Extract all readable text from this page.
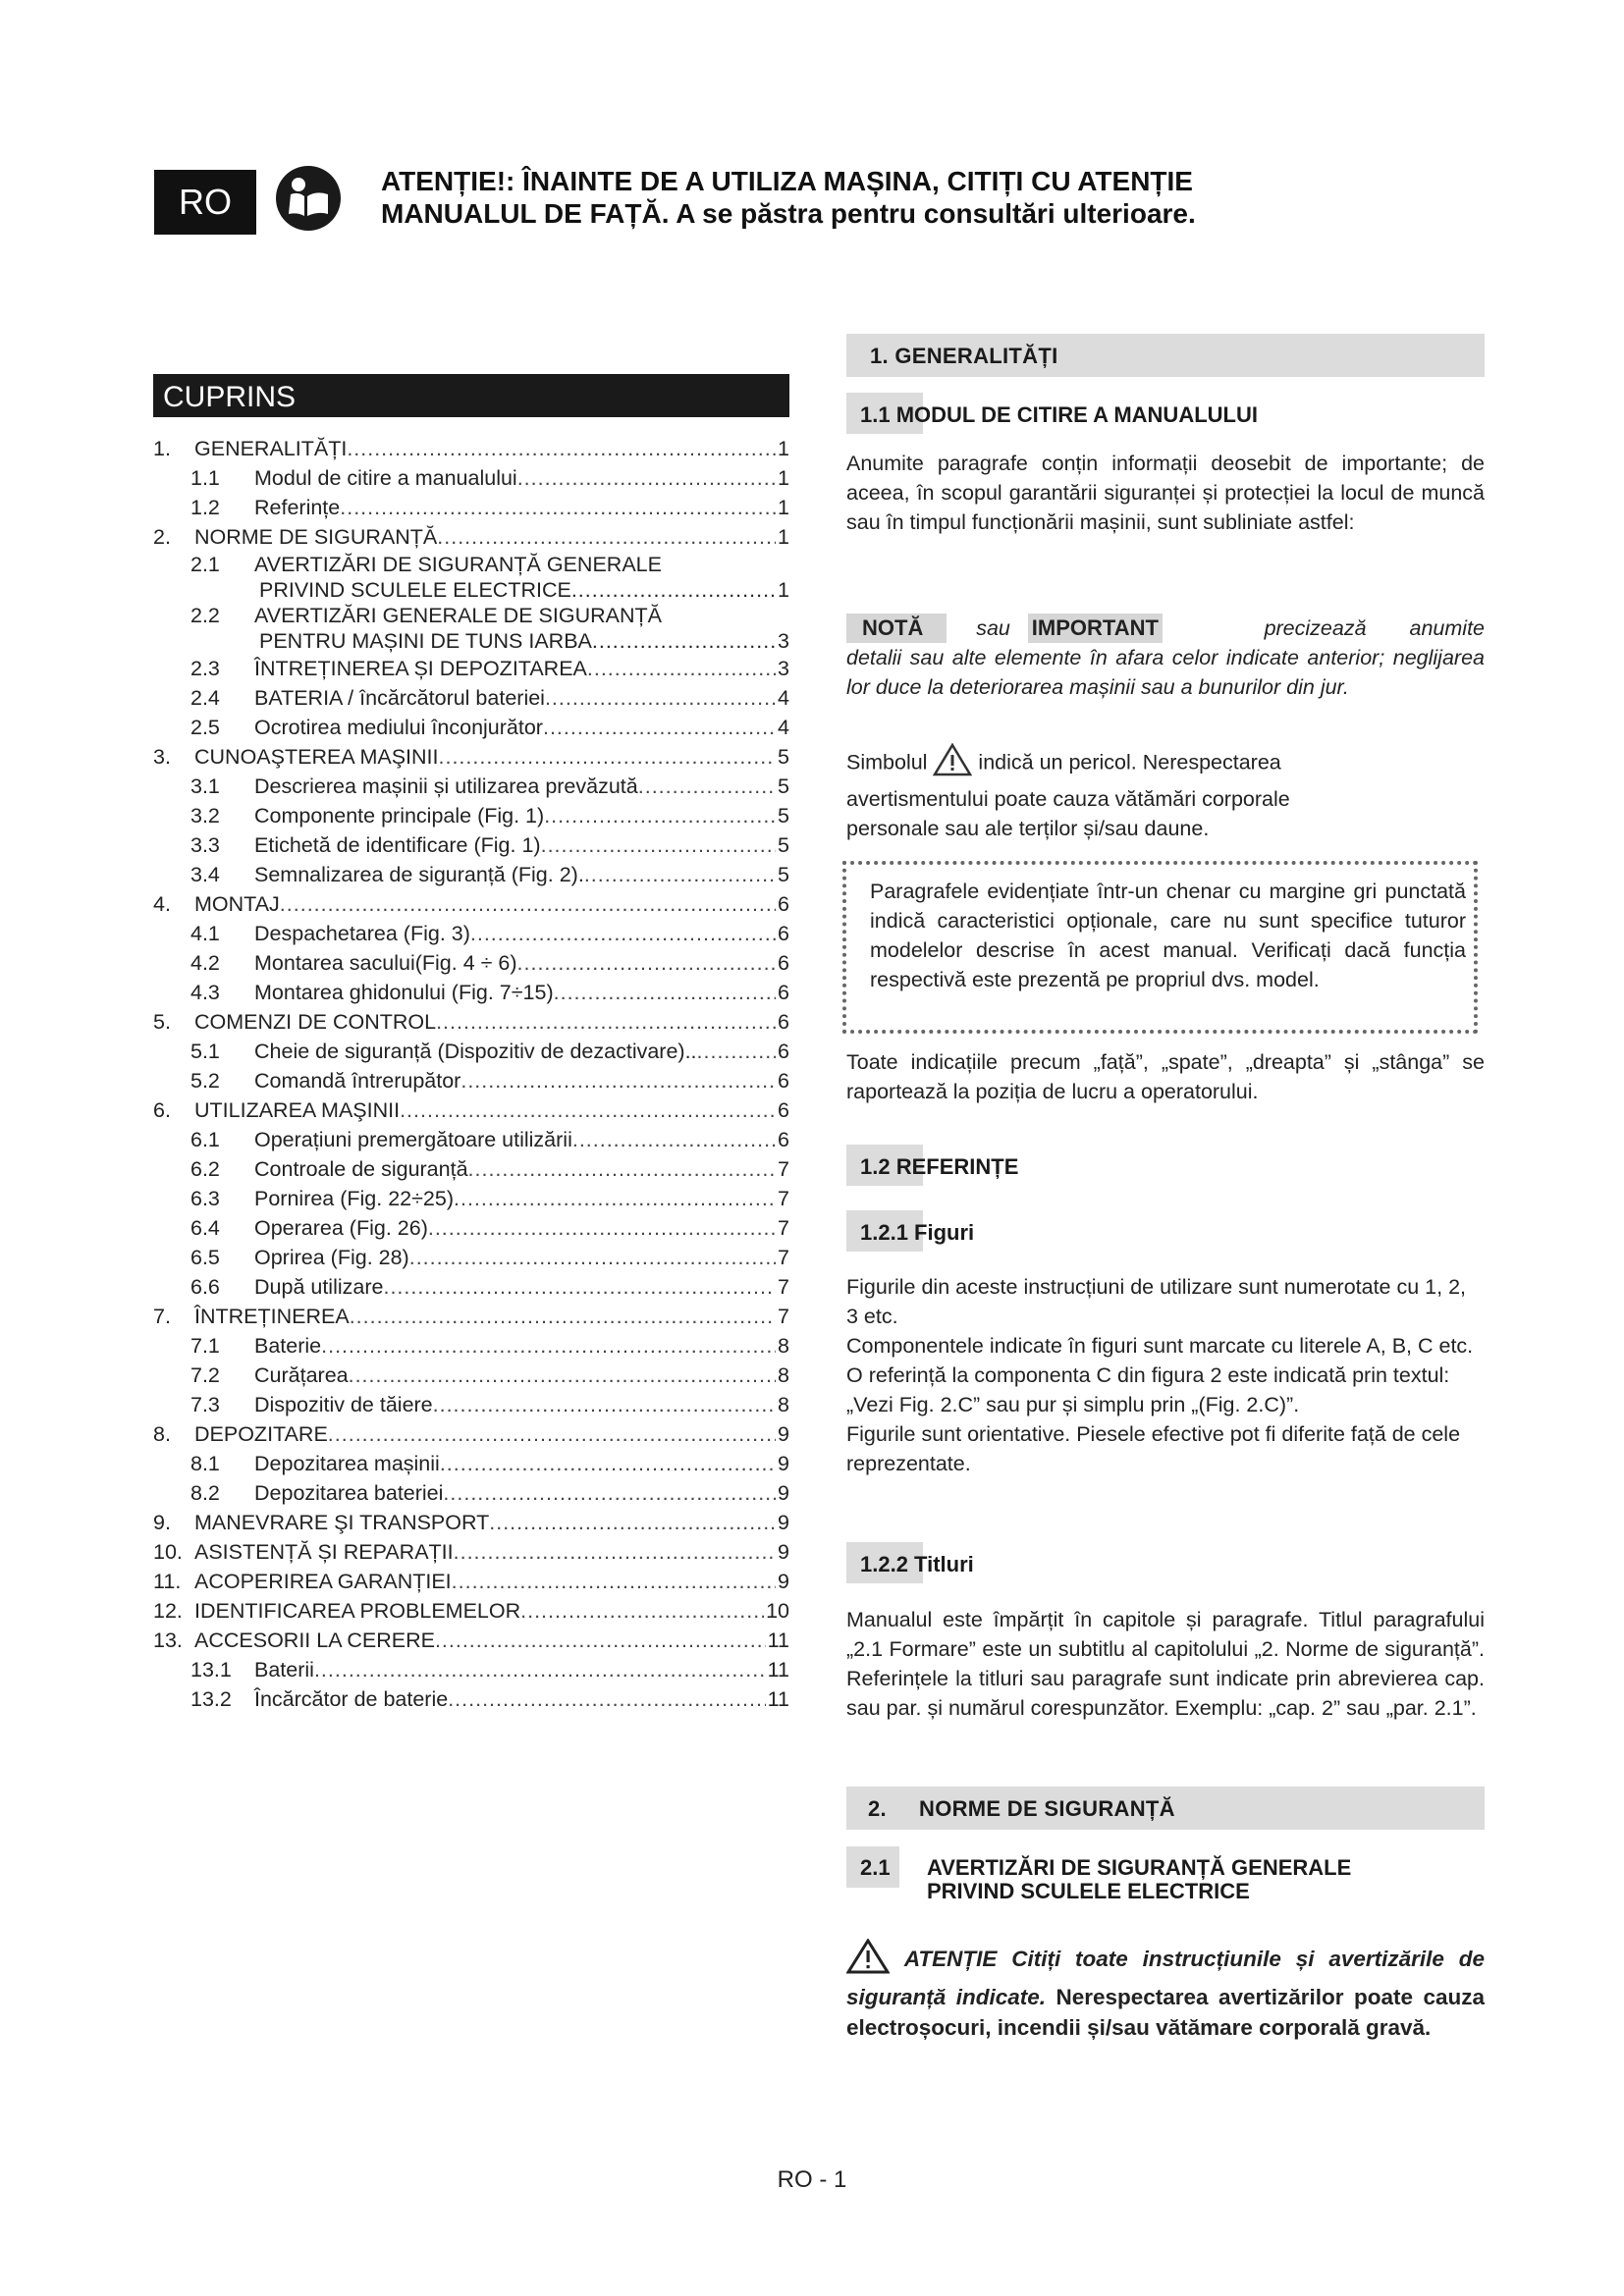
RO
ATENȚIE!: ÎNAINTE DE A UTILIZA MAȘINA, CITIȚI CU ATENȚIE
MANUALUL DE FAȚĂ. A se păstra pentru consultări ulterioare.
CUPRINS
1.	GENERALITĂȚI .....	1
1.1	Modul de citire a manualului .....	1
1.2	Referințe .....	1
2.	NORME DE SIGURANȚĂ .....	1
2.1	AVERTIZĂRI DE SIGURANȚĂ GENERALE
PRIVIND SCULELE ELECTRICE .....	1
2.2	AVERTIZĂRI GENERALE DE SIGURANȚĂ
PENTRU MAȘINI DE TUNS IARBA .....	3
2.3	ÎNTREȚINEREA ȘI DEPOZITAREA .....	3
2.4	BATERIA / încărcătorul bateriei .....	4
2.5	Ocrotirea mediului înconjurător .....	4
3.	CUNOAŞTEREA MAŞINII .....	5
3.1	Descrierea mașinii și utilizarea prevăzută .....	5
3.2	Componente principale (Fig. 1) .....	5
3.3	Etichetă de identificare (Fig. 1) .....	5
3.4	Semnalizarea de siguranță (Fig. 2). .....	5
4.	MONTAJ .....	6
4.1	Despachetarea (Fig. 3) .....	6
4.2	Montarea sacului(Fig. 4 ÷ 6) .....	6
4.3	Montarea ghidonului (Fig. 7÷15) .....	6
5.	COMENZI DE CONTROL .....	6
5.1	Cheie de siguranță (Dispozitiv de dezactivare).. .....	6
5.2	Comandă întrerupător .....	6
6.	UTILIZAREA MAŞINII .....	6
6.1	Operațiuni premergătoare utilizării .....	6
6.2	Controale de siguranță .....	7
6.3	Pornirea (Fig. 22÷25) .....	7
6.4	Operarea (Fig. 26) .....	7
6.5	Oprirea (Fig. 28) .....	7
6.6	După utilizare .....	7
7.	ÎNTREȚINEREA .....	7
7.1	Baterie .....	8
7.2	Curățarea .....	8
7.3	Dispozitiv de tăiere .....	8
8.	DEPOZITARE .....	9
8.1	Depozitarea mașinii .....	9
8.2	Depozitarea bateriei .....	9
9.	MANEVRARE ŞI TRANSPORT .....	9
10. ASISTENȚĂ ȘI REPARAȚII .....	9
11. ACOPERIREA GARANȚIEI .....	9
12. IDENTIFICAREA PROBLEMELOR .....	10
13. ACCESORII LA CERERE .....	11
13.1	Baterii .....	11
13.2	Încărcător de baterie .....	11
1. GENERALITĂȚI
1.1 MODUL DE CITIRE A MANUALULUI
Anumite paragrafe conțin informații deosebit de importante; de aceea, în scopul garantării siguranței și protecției la locul de muncă sau în timpul funcționării mașinii, sunt subliniate astfel:
NOTĂ	sau IMPORTANT	precizează anumite
detalii sau alte elemente în afara celor indicate anterior; neglijarea lor duce la deteriorarea mașinii sau a bunurilor din jur.
Simbolul indică un pericol. Nerespectarea avertismentului poate cauza vătămări corporale personale sau ale terților și/sau daune.
Paragrafele evidențiate într-un chenar cu margine gri punctată indică caracteristici opționale, care nu sunt specifice tuturor modelelor descrise în acest manual. Verificați dacă funcția respectivă este prezentă pe propriul dvs. model.
Toate indicațiile precum „față”, „spate”, „dreapta” și „stânga” se raportează la poziția de lucru a operatorului.
1.2 REFERINȚE
1.2.1 Figuri
Figurile din aceste instrucțiuni de utilizare sunt numerotate cu 1, 2, 3 etc.
Componentele indicate în figuri sunt marcate cu literele A, B, C etc.
O referință la componenta C din figura 2 este indicată prin textul: „Vezi Fig. 2.C” sau pur și simplu prin „(Fig. 2.C)”.
Figurile sunt orientative. Piesele efective pot fi diferite față de cele reprezentate.
1.2.2 Titluri
Manualul este împărțit în capitole și paragrafe. Titlul paragrafului „2.1 Formare” este un subtitlu al capitolului „2. Norme de siguranță”. Referințele la titluri sau paragrafe sunt indicate prin abrevierea cap. sau par. și numărul corespunzător. Exemplu: „cap. 2” sau „par. 2.1”.
2. NORME DE SIGURANȚĂ
2.1 AVERTIZĂRI DE SIGURANȚĂ GENERALE
PRIVIND SCULELE ELECTRICE
ATENȚIE Citiți toate instrucțiunile și avertizările de siguranță indicate. Nerespectarea avertizărilor poate cauza electroșocuri, incendii și/sau vătămare corporală gravă.
RO - 1
